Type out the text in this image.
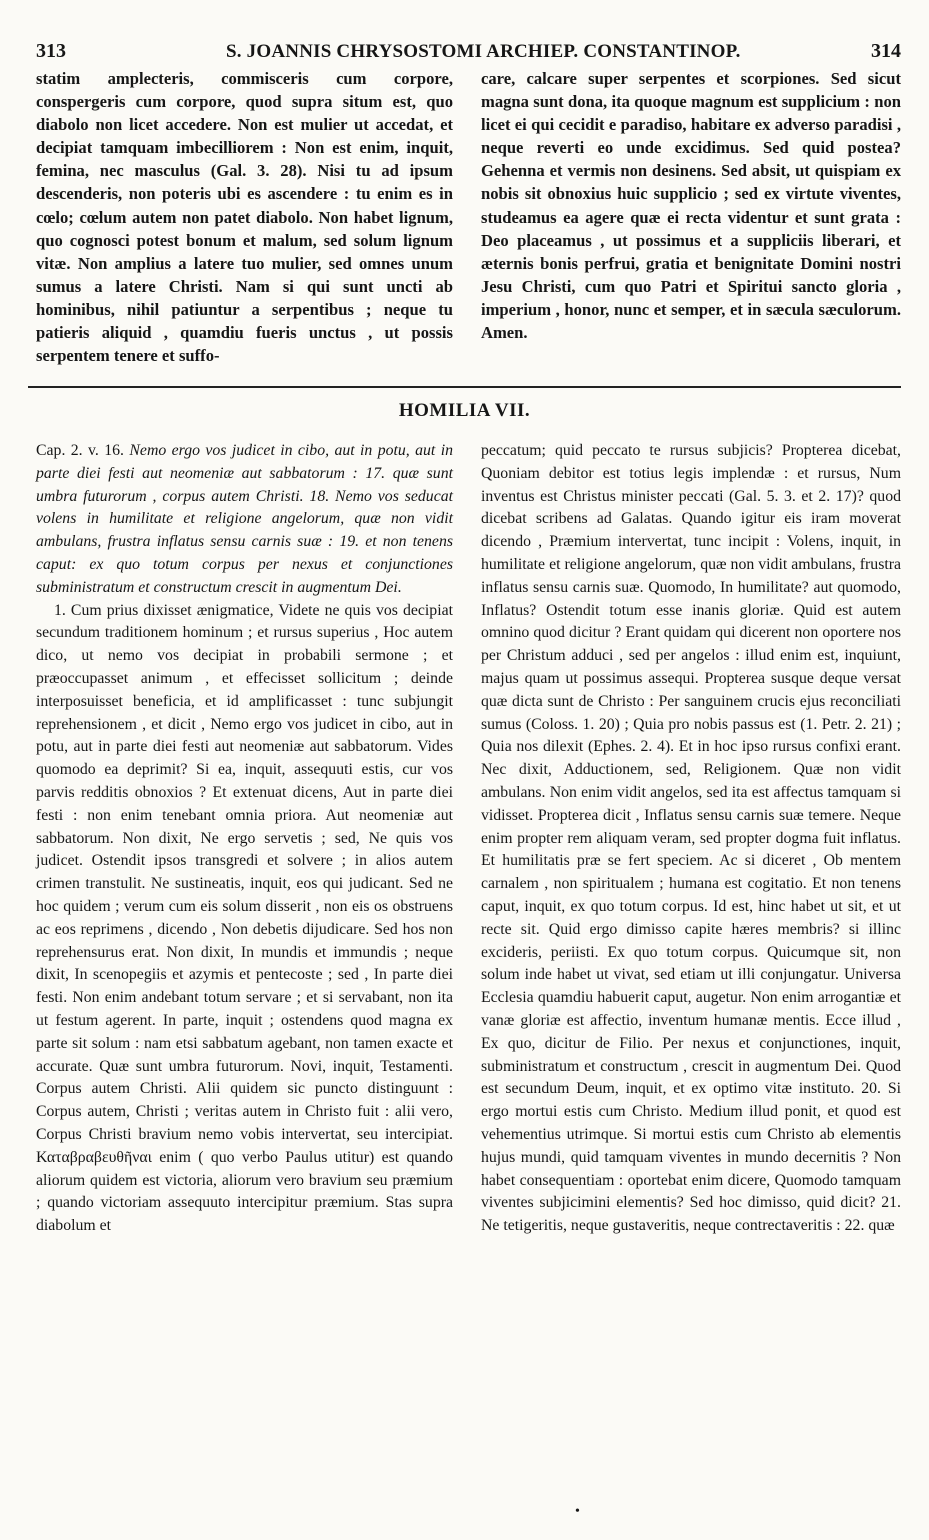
313	S. JOANNIS CHRYSOSTOMI ARCHIEP. CONSTANTINOP.	314

statim amplecteris, commisceris cum corpore, conspergeris cum corpore, quod supra situm est, quo diabolo non licet accedere. Non est mulier ut accedat, et decipiat tamquam imbecilliorem : Non est enim, inquit, femina, nec masculus (Gal. 3. 28). Nisi tu ad ipsum descenderis, non poteris ubi es ascendere : tu enim es in cœlo; cœlum autem non patet diabolo. Non habet lignum, quo cognosci potest bonum et malum, sed solum lignum vitæ. Non amplius a latere tuo mulier, sed omnes unum sumus a latere Christi. Nam si qui sunt uncti ab hominibus, nihil patiuntur a serpentibus ; neque tu patieris aliquid , quamdiu fueris unctus , ut possis serpentem tenere et suffo-

care, calcare super serpentes et scorpiones. Sed sicut magna sunt dona, ita quoque magnum est supplicium : non licet ei qui cecidit e paradiso, habitare ex adverso paradisi , neque reverti eo unde excidimus. Sed quid postea? Gehenna et vermis non desinens. Sed absit, ut quispiam ex nobis sit obnoxius huic supplicio ; sed ex virtute viventes, studeamus ea agere quæ ei recta videntur et sunt grata : Deo placeamus , ut possimus et a suppliciis liberari, et æternis bonis perfrui, gratia et benignitate Domini nostri Jesu Christi, cum quo Patri et Spiritui sancto gloria , imperium , honor, nunc et semper, et in sæcula sæculorum. Amen.

HOMILIA VII.

Cap. 2. v. 16. Nemo ergo vos judicet in cibo, aut in potu, aut in parte diei festi aut neomeniæ aut sabbatorum : 17. quæ sunt umbra futurorum , corpus autem Christi. 18. Nemo vos seducat volens in humilitate et religione angelorum, quæ non vidit ambulans, frustra inflatus sensu carnis suæ : 19. et non tenens caput: ex quo totum corpus per nexus et conjunctiones subministratum et constructum crescit in augmentum Dei.

1. Cum prius dixisset ænigmatice, Videte ne quis vos decipiat secundum traditionem hominum ; et rursus superius , Hoc autem dico, ut nemo vos decipiat in probabili sermone ; et præoccupasset animum , et effecisset sollicitum ; deinde interposuisset beneficia, et id amplificasset : tunc subjungit reprehensionem , et dicit , Nemo ergo vos judicet in cibo, aut in potu, aut in parte diei festi aut neomeniæ aut sabbatorum. Vides quomodo ea deprimit? Si ea, inquit, assequuti estis, cur vos parvis redditis obnoxios ? Et extenuat dicens, Aut in parte diei festi : non enim tenebant omnia priora. Aut neomeniæ aut sabbatorum. Non dixit, Ne ergo servetis ; sed, Ne quis vos judicet. Ostendit ipsos transgredi et solvere ; in alios autem crimen transtulit. Ne sustineatis, inquit, eos qui judicant. Sed ne hoc quidem ; verum cum eis solum disserit , non eis os obstruens ac eos reprimens , dicendo , Non debetis dijudicare. Sed hos non reprehensurus erat. Non dixit, In mundis et immundis ; neque dixit, In scenopegiis et azymis et pentecoste ; sed , In parte diei festi. Non enim andebant totum servare ; et si servabant, non ita ut festum agerent. In parte, inquit ; ostendens quod magna ex parte sit solum : nam etsi sabbatum agebant, non tamen exacte et accurate. Quæ sunt umbra futurorum. Novi, inquit, Testamenti. Corpus autem Christi. Alii quidem sic puncto distinguunt : Corpus autem, Christi ; veritas autem in Christo fuit : alii vero, Corpus Christi bravium nemo vobis intervertat, seu intercipiat. Καταβραβευθῆναι enim ( quo verbo Paulus utitur) est quando aliorum quidem est victoria, aliorum vero bravium seu præmium ; quando victoriam assequuto intercipitur præmium. Stas supra diabolum et

peccatum; quid peccato te rursus subjicis? Propterea dicebat, Quoniam debitor est totius legis implendæ : et rursus, Num inventus est Christus minister peccati (Gal. 5. 3. et 2. 17)? quod dicebat scribens ad Galatas. Quando igitur eis iram moverat dicendo , Præmium intervertat, tunc incipit : Volens, inquit, in humilitate et religione angelorum, quæ non vidit ambulans, frustra inflatus sensu carnis suæ. Quomodo, In humilitate? aut quomodo, Inflatus? Ostendit totum esse inanis gloriæ. Quid est autem omnino quod dicitur ? Erant quidam qui dicerent non oportere nos per Christum adduci , sed per angelos : illud enim est, inquiunt, majus quam ut possimus assequi. Propterea susque deque versat quæ dicta sunt de Christo : Per sanguinem crucis ejus reconciliati sumus (Coloss. 1. 20) ; Quia pro nobis passus est (1. Petr. 2. 21) ; Quia nos dilexit (Ephes. 2. 4). Et in hoc ipso rursus confixi erant. Nec dixit, Adductionem, sed, Religionem. Quæ non vidit ambulans. Non enim vidit angelos, sed ita est affectus tamquam si vidisset. Propterea dicit , Inflatus sensu carnis suæ temere. Neque enim propter rem aliquam veram, sed propter dogma fuit inflatus. Et humilitatis præ se fert speciem. Ac si diceret , Ob mentem carnalem , non spiritualem ; humana est cogitatio. Et non tenens caput, inquit, ex quo totum corpus. Id est, hinc habet ut sit, et ut recte sit. Quid ergo dimisso capite hæres membris? si illinc excideris, periisti. Ex quo totum corpus. Quicumque sit, non solum inde habet ut vivat, sed etiam ut illi conjungatur. Universa Ecclesia quamdiu habuerit caput, augetur. Non enim arrogantiæ et vanæ gloriæ est affectio, inventum humanæ mentis. Ecce illud , Ex quo, dicitur de Filio. Per nexus et conjunctiones, inquit, subministratum et constructum , crescit in augmentum Dei. Quod est secundum Deum, inquit, et ex optimo vitæ instituto. 20. Si ergo mortui estis cum Christo. Medium illud ponit, et quod est vehementius utrimque. Si mortui estis cum Christo ab elementis hujus mundi, quid tamquam viventes in mundo decernitis ? Non habet consequentiam : oportebat enim dicere, Quomodo tamquam viventes subjicimini elementis? Sed hoc dimisso, quid dicit? 21. Ne tetigeritis, neque gustaveritis, neque contrectaveritis : 22. quæ

•
